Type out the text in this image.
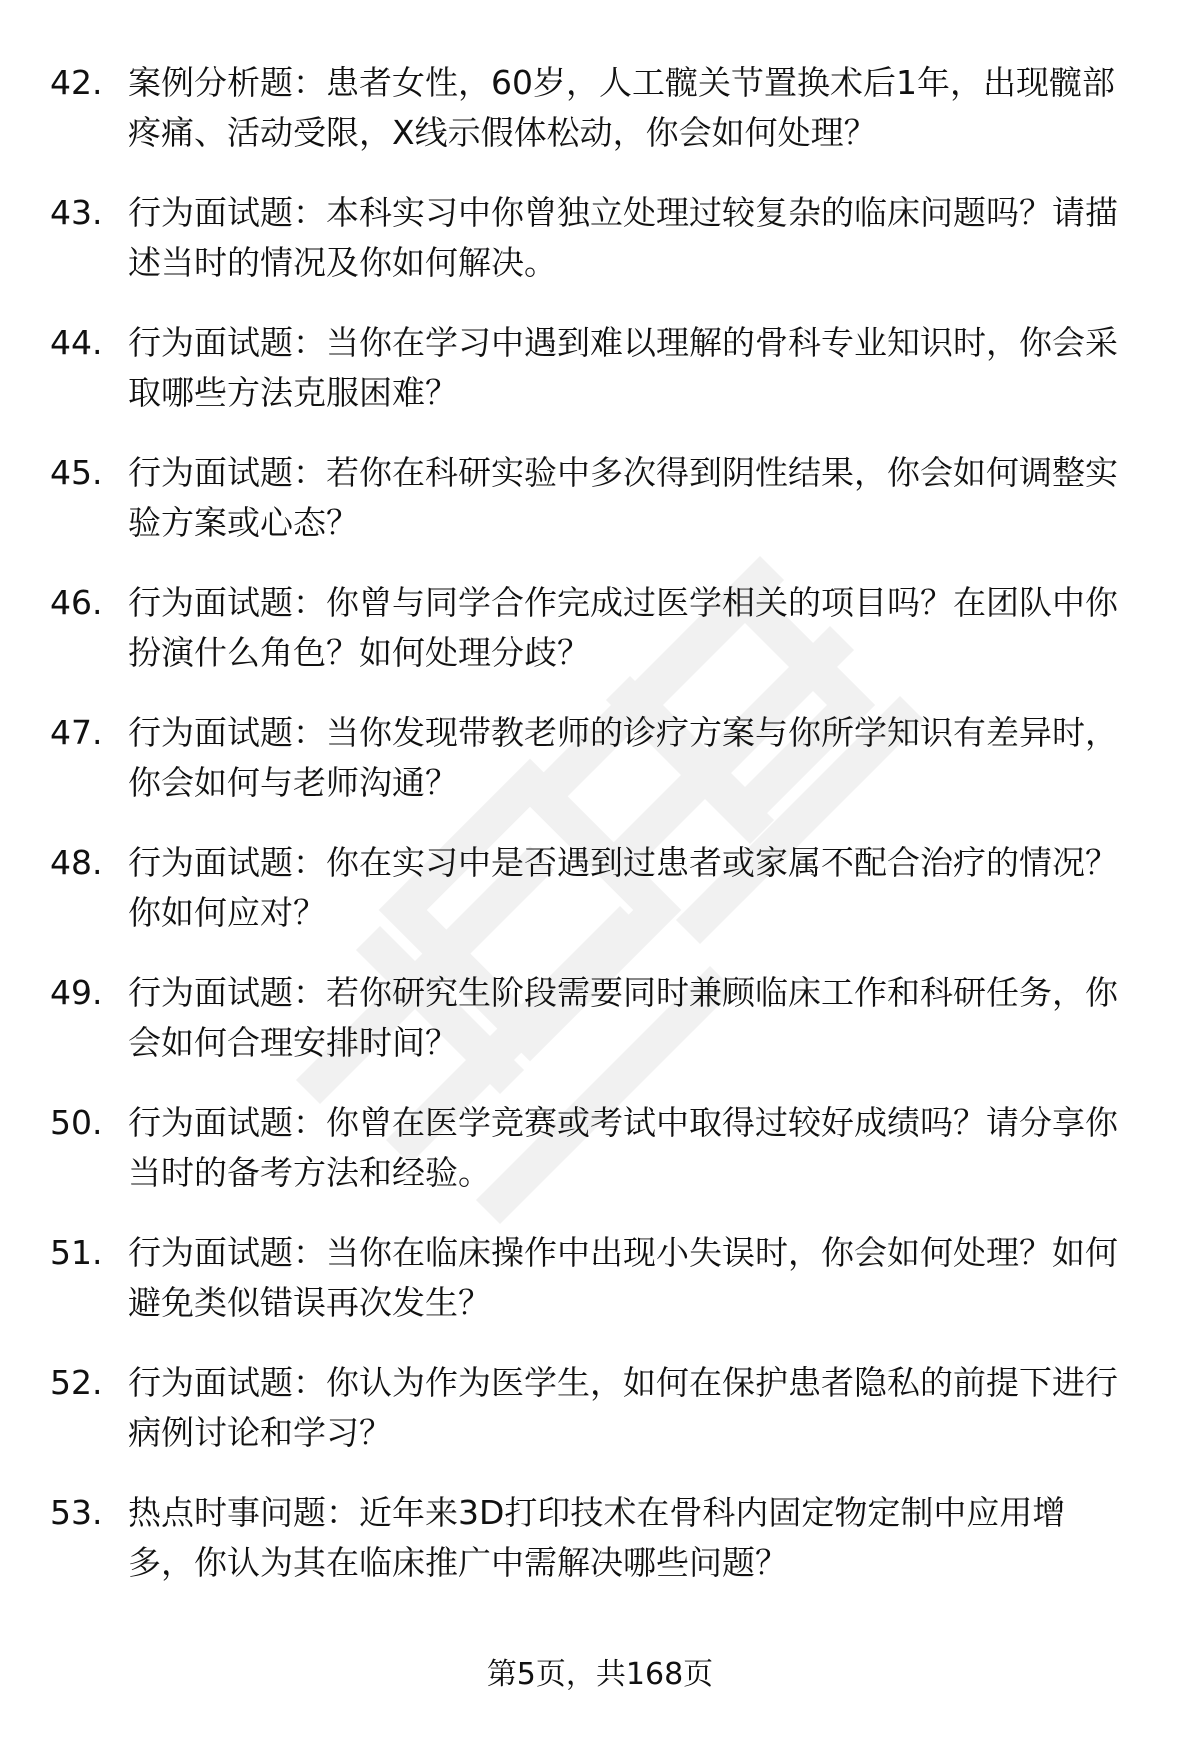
42. 案例分析题：患者女性，60岁，人工髋关节置换术后1年，出现髋部疼痛、活动受限，X线示假体松动，你会如何处理？
43. 行为面试题：本科实习中你曾独立处理过较复杂的临床问题吗？请描述当时的情况及你如何解决。
44. 行为面试题：当你在学习中遇到难以理解的骨科专业知识时，你会采取哪些方法克服困难？
45. 行为面试题：若你在科研实验中多次得到阴性结果，你会如何调整实验方案或心态？
46. 行为面试题：你曾与同学合作完成过医学相关的项目吗？在团队中你扮演什么角色？如何处理分歧？
47. 行为面试题：当你发现带教老师的诊疗方案与你所学知识有差异时，你会如何与老师沟通？
48. 行为面试题：你在实习中是否遇到过患者或家属不配合治疗的情况？你如何应对？
49. 行为面试题：若你研究生阶段需要同时兼顾临床工作和科研任务，你会如何合理安排时间？
50. 行为面试题：你曾在医学竞赛或考试中取得过较好成绩吗？请分享你当时的备考方法和经验。
51. 行为面试题：当你在临床操作中出现小失误时，你会如何处理？如何避免类似错误再次发生？
52. 行为面试题：你认为作为医学生，如何在保护患者隐私的前提下进行病例讨论和学习？
53. 热点时事问题：近年来3D打印技术在骨科内固定物定制中应用增多，你认为其在临床推广中需解决哪些问题？
第5页，共168页
